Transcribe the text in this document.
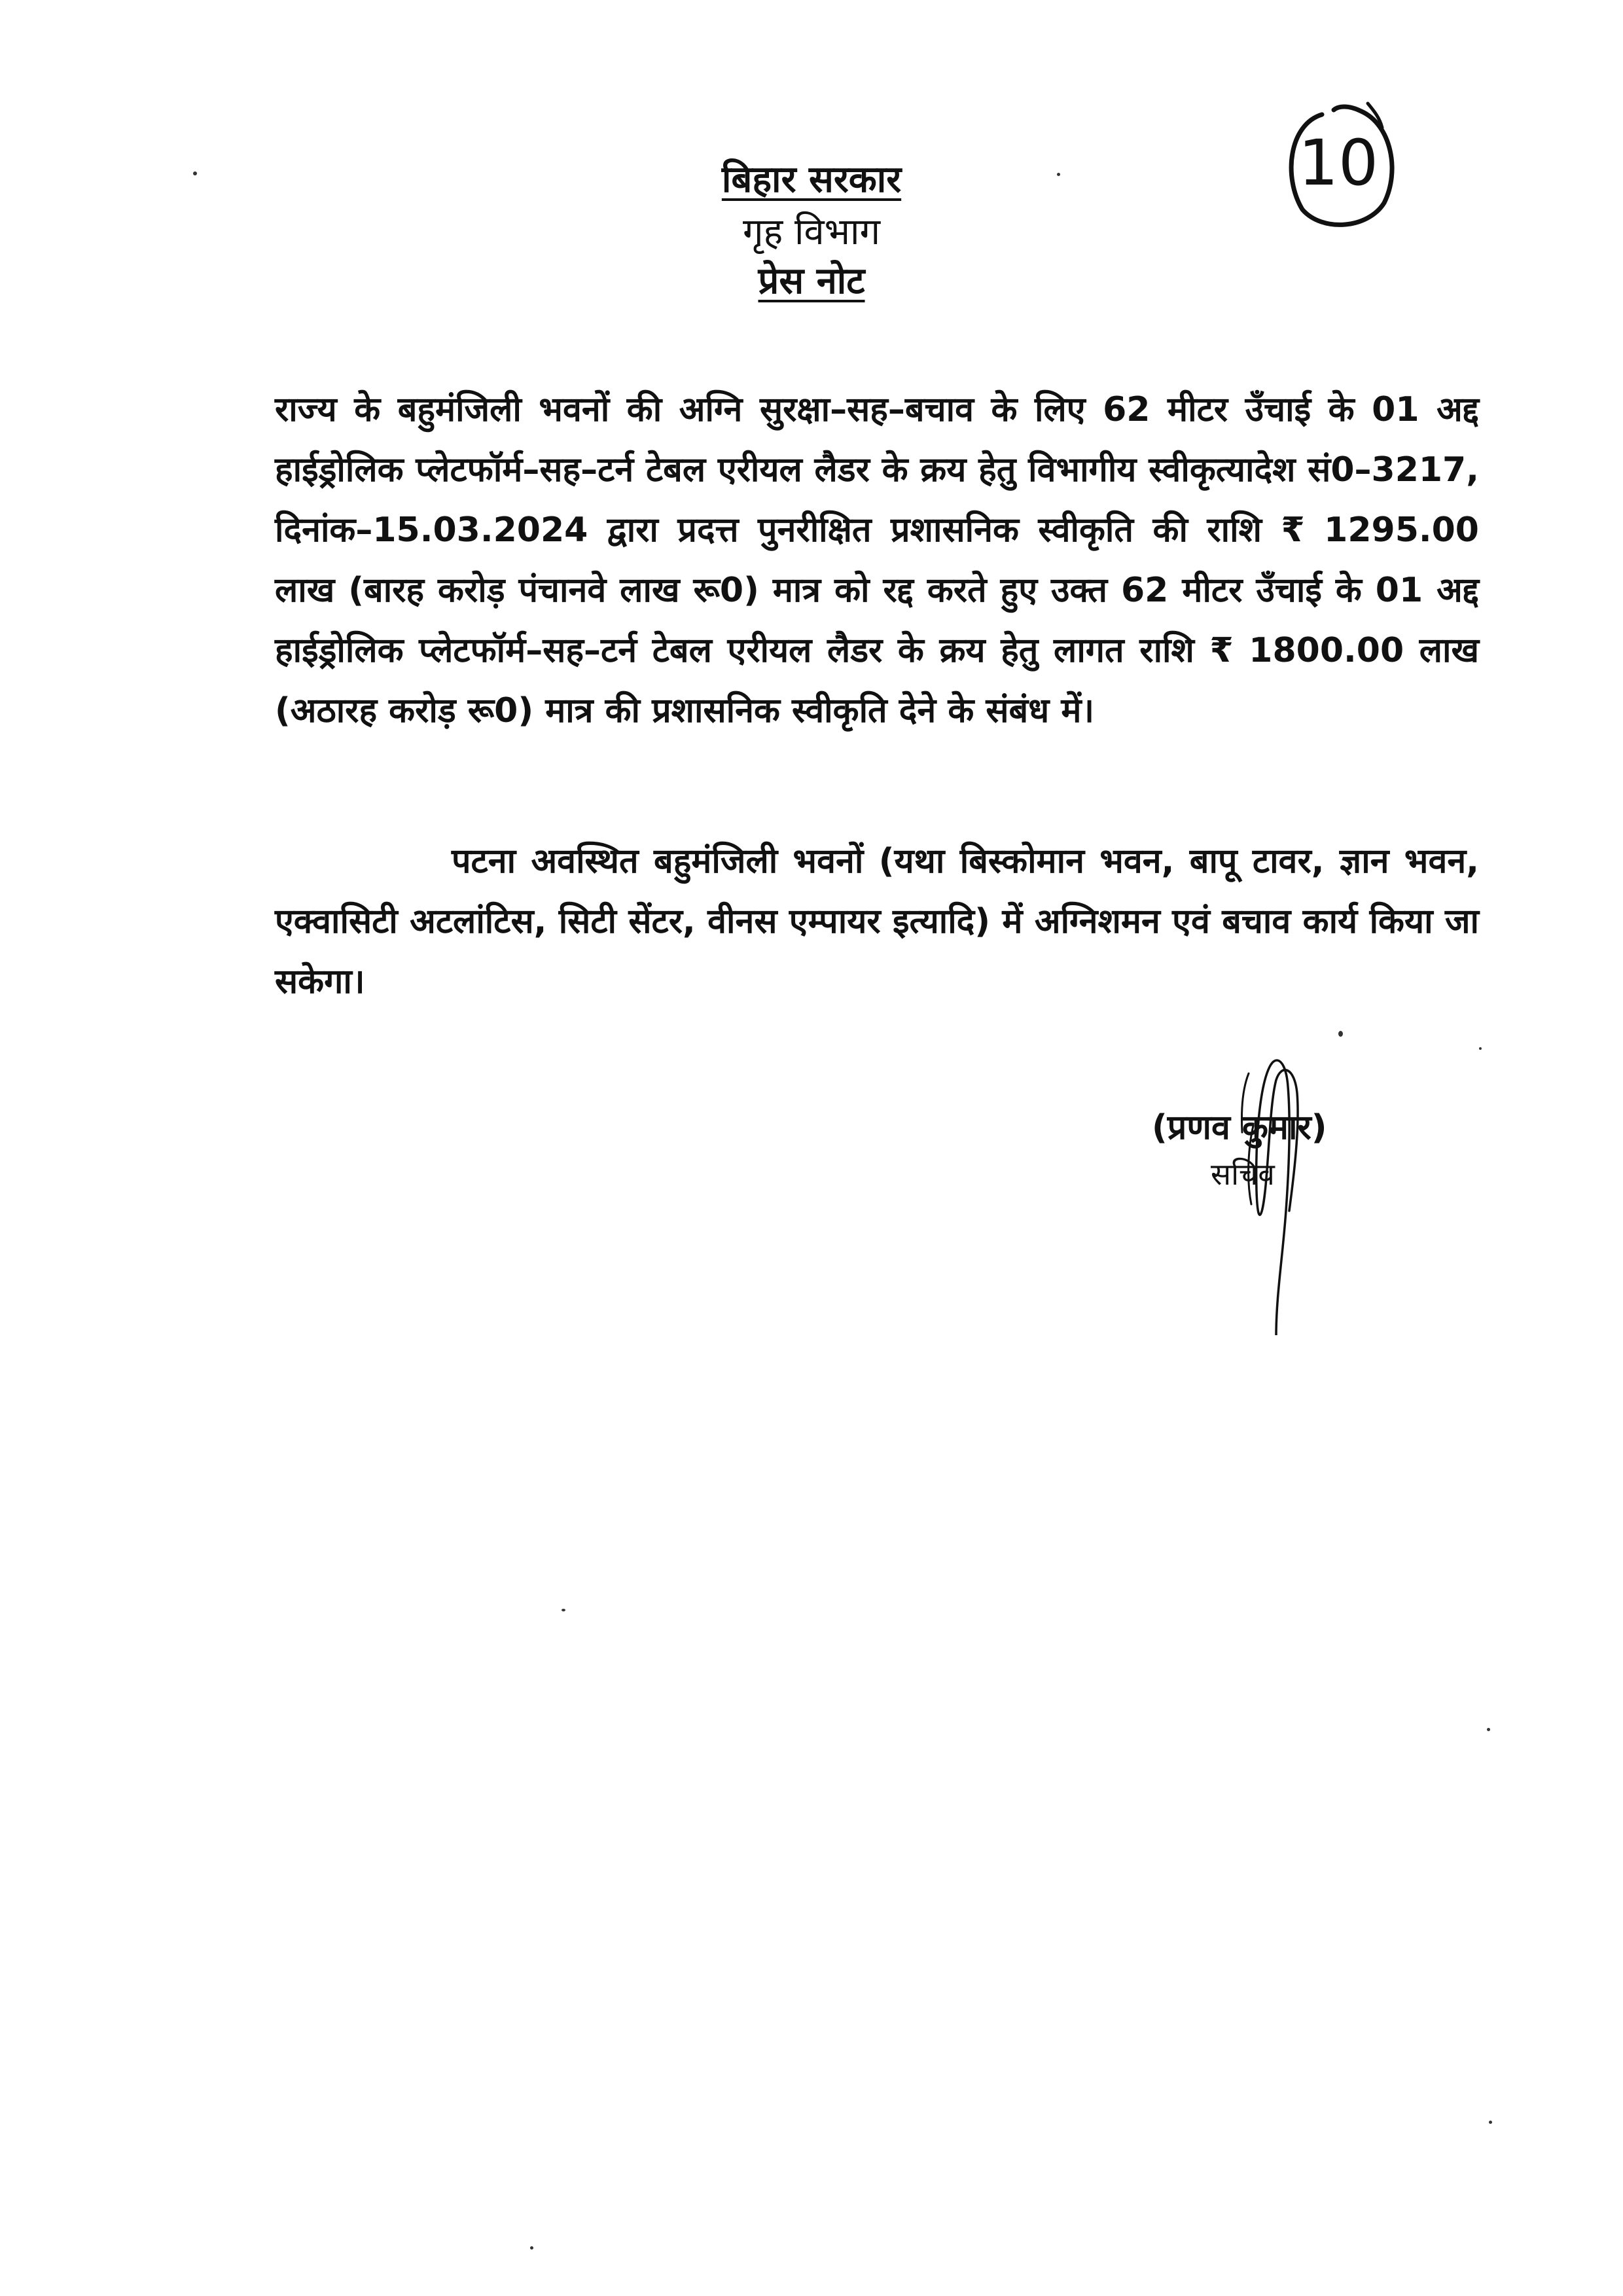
बिहार सरकार
गृह विभाग
प्रेस नोट
10

राज्य के बहुमंजिली भवनों की अग्नि सुरक्षा–सह–बचाव के लिए 62 मीटर उँचाई के 01 अद्द हाईड्रोलिक प्लेटफॉर्म–सह–टर्न टेबल एरीयल लैडर के क्रय हेतु विभागीय स्वीकृत्यादेश सं0–3217, दिनांक–15.03.2024 द्वारा प्रदत्त पुनरीक्षित प्रशासनिक स्वीकृति की राशि ₹ 1295.00 लाख (बारह करोड़ पंचानवे लाख रू0) मात्र को रद्द करते हुए उक्त 62 मीटर उँचाई के 01 अद्द हाईड्रोलिक प्लेटफॉर्म–सह–टर्न टेबल एरीयल लैडर के क्रय हेतु लागत राशि ₹ 1800.00 लाख (अठारह करोड़ रू0) मात्र की प्रशासनिक स्वीकृति देने के संबंध में।

पटना अवस्थित बहुमंजिली भवनों (यथा बिस्कोमान भवन, बापू टावर, ज्ञान भवन, एक्वासिटी अटलांटिस, सिटी सेंटर, वीनस एम्पायर इत्यादि) में अग्निशमन एवं बचाव कार्य किया जा सकेगा।

(प्रणव कुमार)
सचिव
